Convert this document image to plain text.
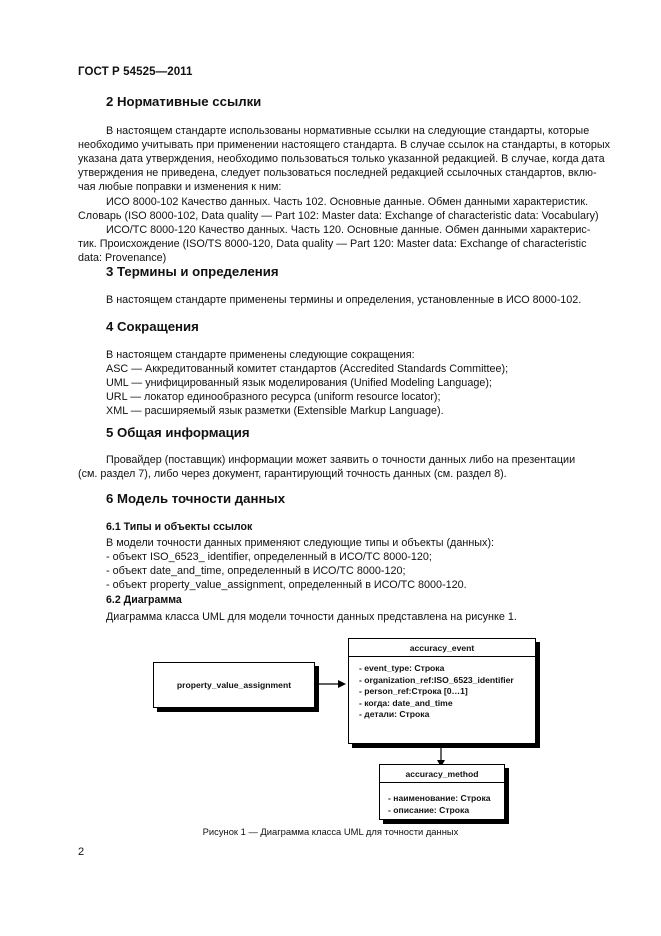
ГОСТ Р 54525—2011
2 Нормативные ссылки
В настоящем стандарте использованы нормативные ссылки на следующие стандарты, которые
необходимо учитывать при применении настоящего стандарта. В случае ссылок на стандарты, в которых
указана дата утверждения, необходимо пользоваться только указанной редакцией. В случае, когда дата
утверждения не приведена, следует пользоваться последней редакцией ссылочных стандартов, вклю-
чая любые поправки и изменения к ним:
ИСО 8000-102 Качество данных. Часть 102. Основные данные. Обмен данными характеристик.
Словарь (ISO 8000-102, Data quality — Part 102: Master data: Exchange of characteristic data: Vocabulary)
ИСО/ТС 8000-120 Качество данных. Часть 120. Основные данные. Обмен данными характерис-
тик. Происхождение (ISO/TS 8000-120, Data quality — Part 120: Master data: Exchange of characteristic
data: Provenance)
3 Термины и определения
В настоящем стандарте применены термины и определения, установленные в ИСО 8000-102.
4 Сокращения
В настоящем стандарте применены следующие сокращения:
ASC — Аккредитованный комитет стандартов (Accredited Standards Committee);
UML — унифицированный язык моделирования (Unified Modeling Language);
URL — локатор единообразного ресурса (uniform resource locator);
XML — расширяемый язык разметки (Extensible Markup Language).
5 Общая информация
Провайдер (поставщик) информации может заявить о точности данных либо на презентации
(см. раздел 7), либо через документ, гарантирующий точность данных (см. раздел 8).
6 Модель точности данных
6.1 Типы и объекты ссылок
В модели точности данных применяют следующие типы и объекты (данных):
- объект ISO_6523_ identifier, определенный в ИСО/ТС 8000-120;
- объект date_and_time, определенный в ИСО/ТС 8000-120;
- объект property_value_assignment, определенный в ИСО/ТС 8000-120.
6.2 Диаграмма
Диаграмма класса UML для модели точности данных представлена на рисунке 1.
property_value_assignment
accuracy_event
- event_type: Строка
- organization_ref:ISO_6523_identifier
- person_ref:Строка [0…1]
- когда: date_and_time
- детали: Строка
accuracy_method
- наименование: Строка
- описание: Строка
Рисунок 1 — Диаграмма класса UML для точности данных
2
